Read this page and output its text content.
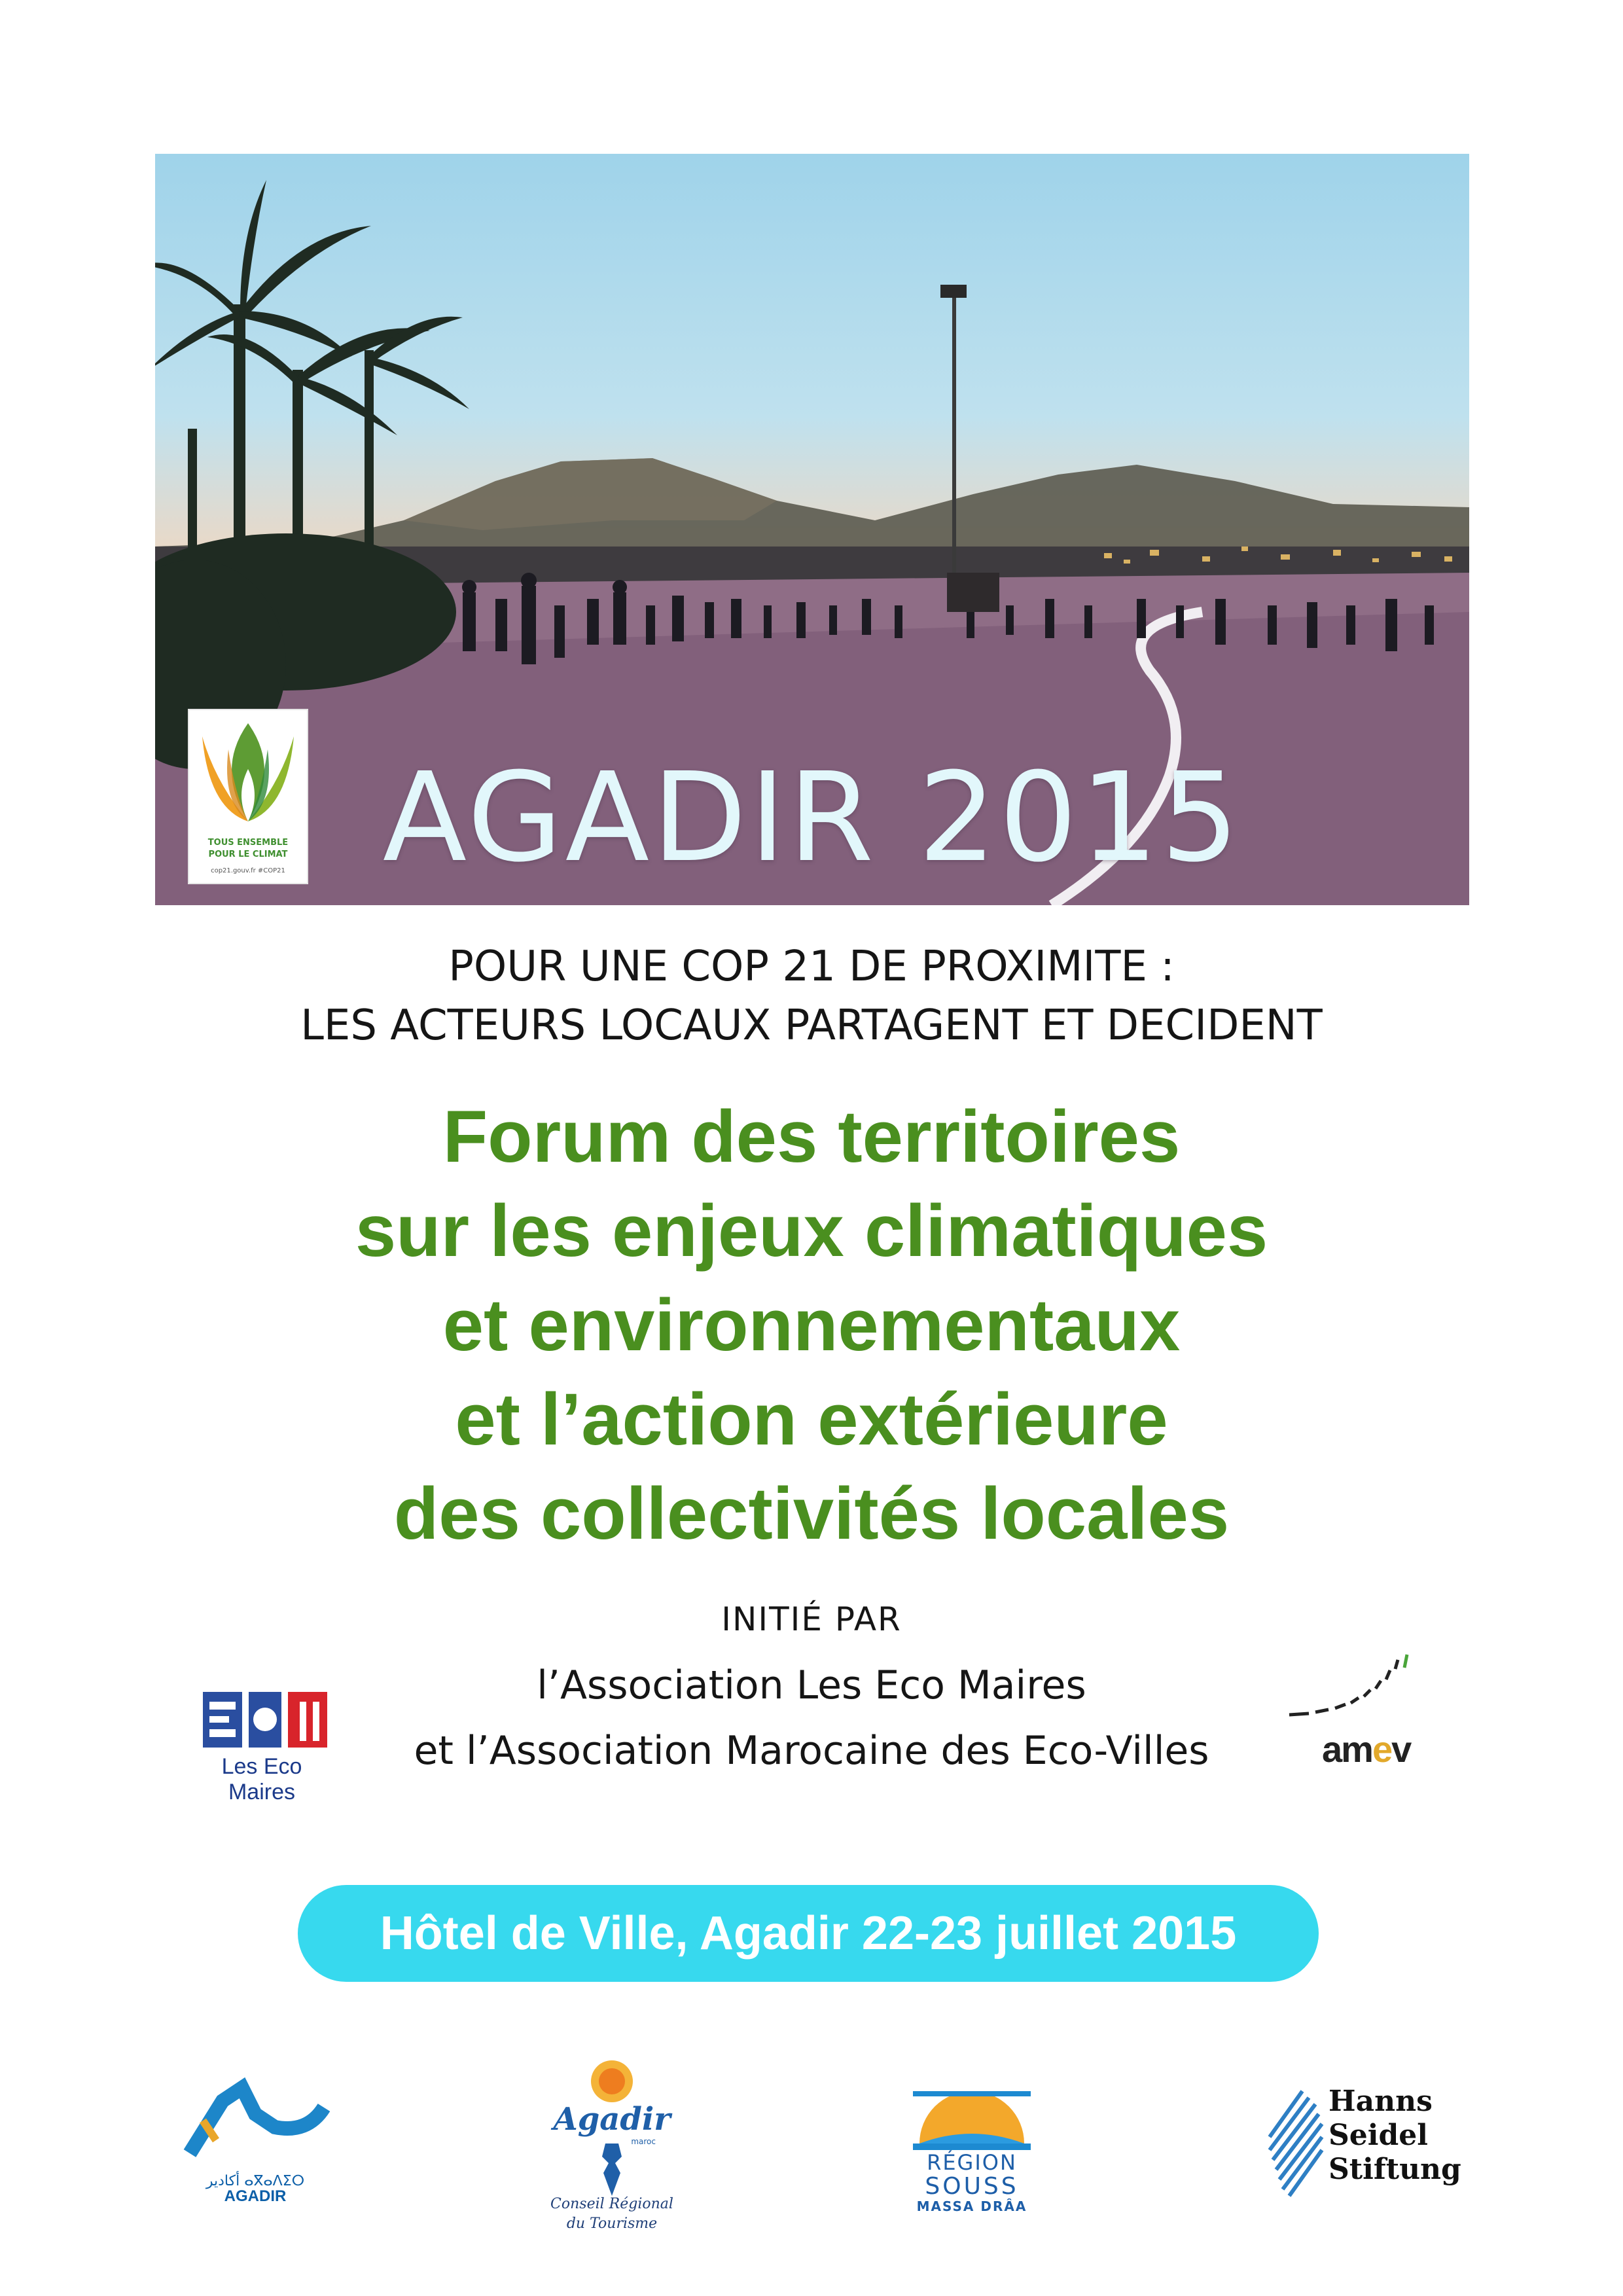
TOUS ENSEMBLE
POUR LE CLIMAT
cop21.gouv.fr #COP21 AGADIR 2015
POUR UNE COP 21 DE PROXIMITE :
LES ACTEURS LOCAUX PARTAGENT ET DECIDENT
Forum des territoires
sur les enjeux climatiques
et environnementaux
et l’action extérieure
des collectivités locales
INITIÉ PAR
l’Association Les Eco Maires
et l’Association Marocaine des Eco-Villes
Les Eco Maires
amev
Hôtel de Ville, Agadir 22-23 juillet 2015
أكادير ⴰⴳⴰⴷⵉⵔ
AGADIR
Agadir
maroc
Conseil Régional
du Tourisme
RÉGION
SOUSS
MASSA DRÂA
Hanns
Seidel
Stiftung
